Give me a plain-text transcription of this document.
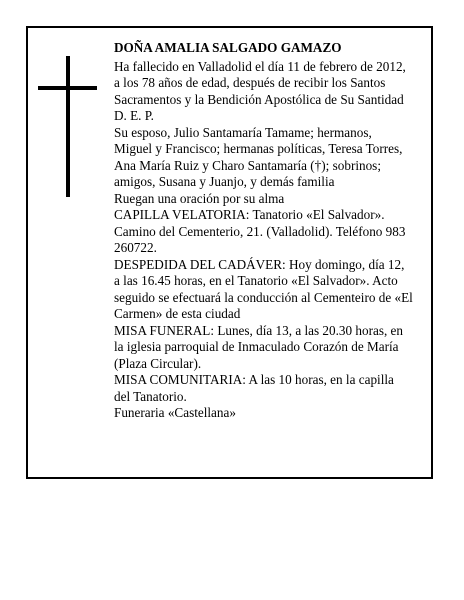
DOÑA AMALIA SALGADO GAMAZO

Ha fallecido en Valladolid el día 11 de febrero de 2012,

a los 78 años de edad, después de recibir los Santos

Sacramentos y la Bendición Apostólica de Su Santidad

D. E. P.

Su esposo, Julio Santamaría Tamame; hermanos,

Miguel y Francisco; hermanas políticas, Teresa Torres,

Ana María Ruiz y Charo Santamaría (†); sobrinos;

amigos, Susana y Juanjo, y demás familia

Ruegan una oración por su alma

CAPILLA VELATORIA: Tanatorio «El Salvador».

Camino del Cementerio, 21. (Valladolid). Teléfono 983

260722.

DESPEDIDA DEL CADÁVER: Hoy domingo, día 12,

a las 16.45 horas, en el Tanatorio «El Salvador». Acto

seguido se efectuará la conducción al Cementeiro de «El

Carmen» de esta ciudad

MISA FUNERAL: Lunes, día 13, a las 20.30 horas, en

la iglesia parroquial de Inmaculado Corazón de María

(Plaza Circular).

MISA COMUNITARIA: A las 10 horas, en la capilla

del Tanatorio.

Funeraria «Castellana»
